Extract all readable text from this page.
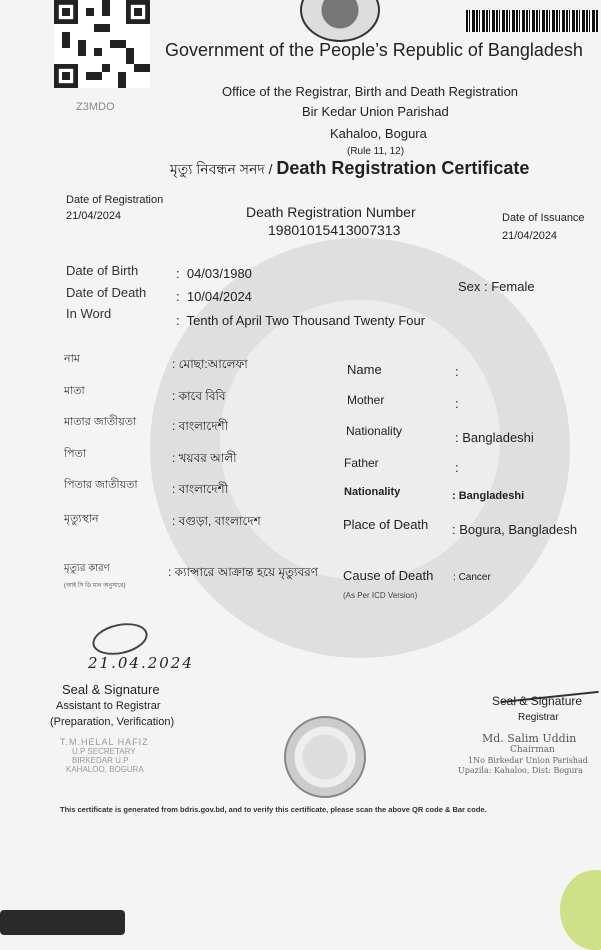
Z3MDO
Government of the People’s Republic of Bangladesh
Office of the Registrar, Birth and Death Registration
Bir Kedar Union Parishad
Kahaloo, Bogura
(Rule 11, 12)
মৃত্যু নিবন্ধন সনদ / Death Registration Certificate
Date of Registration
21/04/2024	Death Registration Number
19801015413007313
Date of Issuance
21/04/2024
Date of Birth	:  04/03/1980
Date of Death :  10/04/2024
In Word	:  Tenth of April Two Thousand Twenty Four
Sex : Female
নাম	: মোছা:আলেফা	Name	:
মাতা	: কাবে বিবি	Mother	:
মাতার জাতীয়তা	: বাংলাদেশী	Nationality	: Bangladeshi
পিতা	: খয়বর আলী	Father	:
পিতার জাতীয়তা	: বাংলাদেশী	Nationality	: Bangladeshi
মৃত্যুস্থান	: বগুড়া, বাংলাদেশ	Place of Death : Bogura, Bangladesh
মৃত্যুর কারণ
(আই সি ডি মান অনুসারে)
: ক্যান্সারে আক্রান্ত হয়ে মৃত্যুবরণ Cause of Death : Cancer
(As Per ICD Version)
21.04.2024
Seal & Signature
Assistant to Registrar
(Preparation, Verification)
T.M.HELAL HAFIZ
U.P SECRETARY
BIRKEDAR U.P
KAHALOO, BOGURA
Seal & Signature
Registrar
Md. Salim Uddin
Chairman
1No Birkedar Union Parishad
Upazila: Kahaloo, Dist: Bogura
This certificate is generated from bdris.gov.bd, and to verify this certificate, please scan the above QR code & Bar code.
